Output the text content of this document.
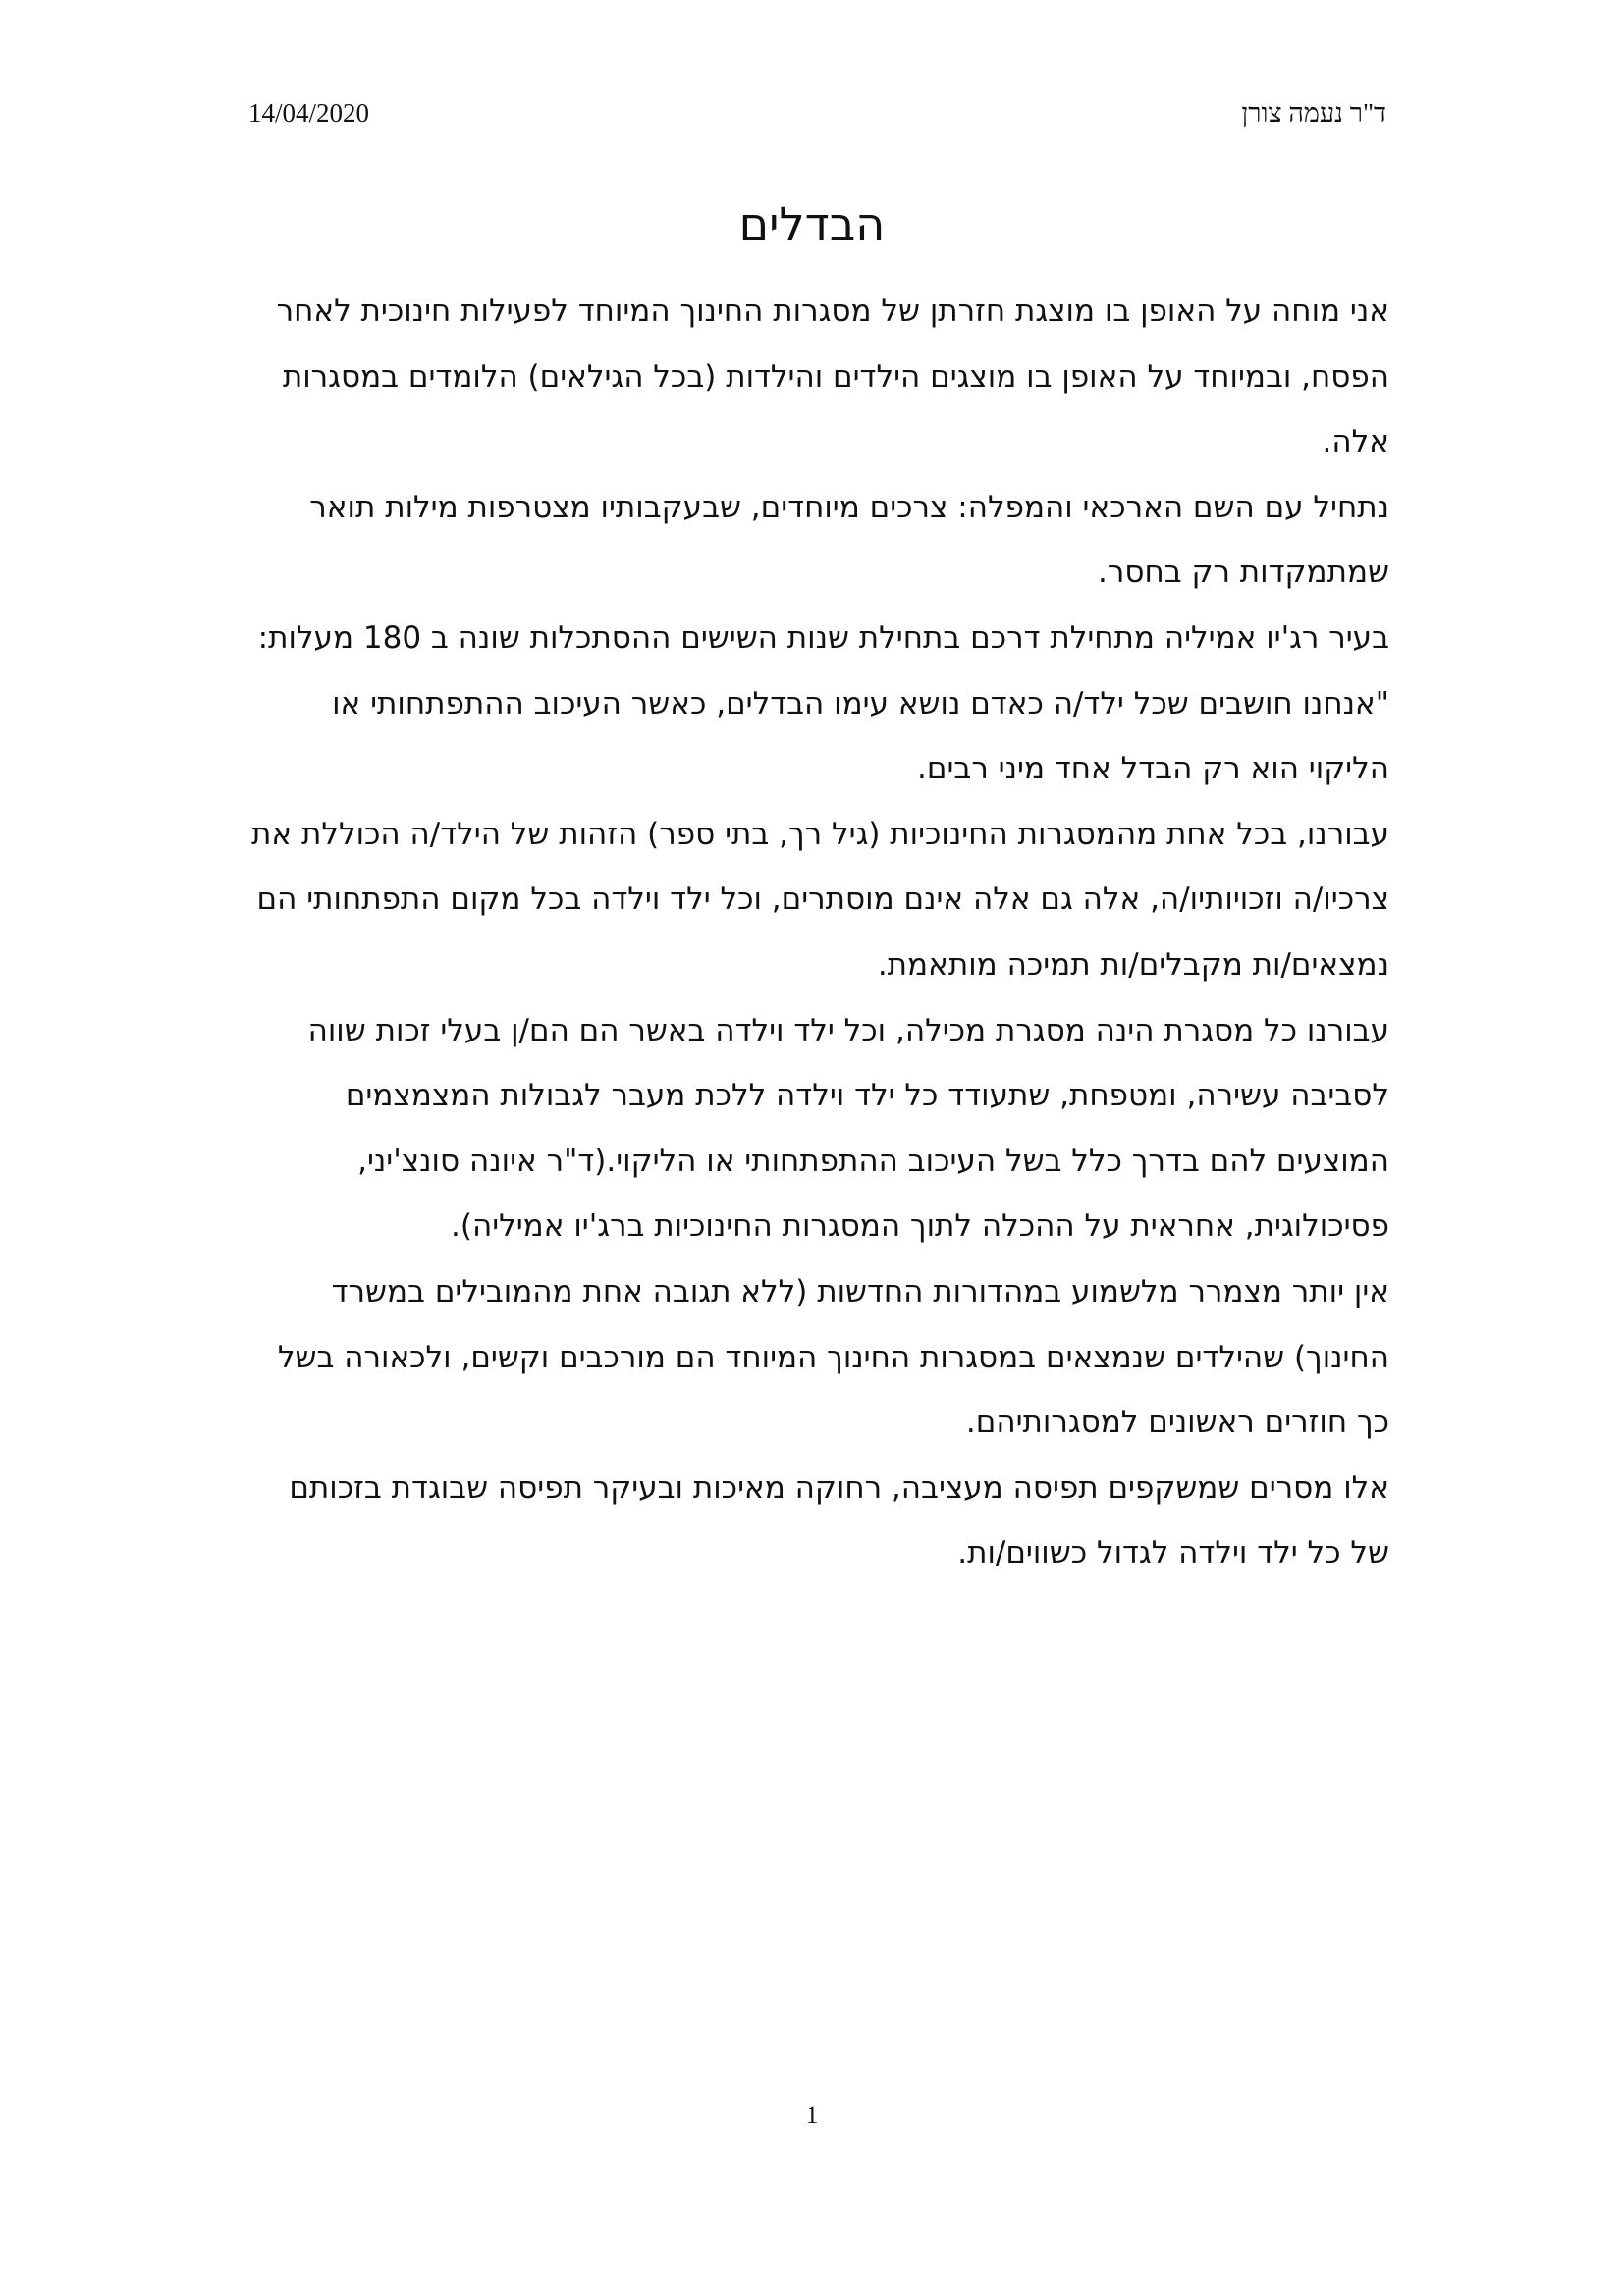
14/04/2020	ד"ר נעמה צורן
הבדלים

אני מוחה על האופן בו מוצגת חזרתן של מסגרות החינוך המיוחד לפעילות חינוכית לאחר הפסח, ובמיוחד על האופן בו מוצגים הילדים והילדות (בכל הגילאים) הלומדים במסגרות אלה.

נתחיל עם השם הארכאי והמפלה: צרכים מיוחדים, שבעקבותיו מצטרפות מילות תואר שמתמקדות רק בחסר.

בעיר רג'יו אמיליה מתחילת דרכם בתחילת שנות השישים ההסתכלות שונה ב 180 מעלות:

"אנחנו חושבים שכל ילד/ה כאדם נושא עימו הבדלים, כאשר העיכוב ההתפתחותי או הליקוי הוא רק הבדל אחד מיני רבים.

עבורנו, בכל אחת מהמסגרות החינוכיות (גיל רך, בתי ספר) הזהות של הילד/ה הכוללת את צרכיו/ה וזכויותיו/ה, אלה גם אלה אינם מוסתרים, וכל ילד וילדה בכל מקום התפתחותי הם נמצאים/ות מקבלים/ות תמיכה מותאמת.

עבורנו כל מסגרת הינה מסגרת מכילה, וכל ילד וילדה באשר הם הם/ן בעלי זכות שווה לסביבה עשירה, ומטפחת, שתעודד כל ילד וילדה ללכת מעבר לגבולות המצמצמים המוצעים להם בדרך כלל בשל העיכוב ההתפתחותי או הליקוי.(ד"ר איונה סונצ'יני, פסיכולוגית, אחראית על ההכלה לתוך המסגרות החינוכיות ברג'יו אמיליה).

אין יותר מצמרר מלשמוע במהדורות החדשות (ללא תגובה אחת מהמובילים במשרד החינוך) שהילדים שנמצאים במסגרות החינוך המיוחד הם מורכבים וקשים, ולכאורה בשל כך חוזרים ראשונים למסגרותיהם.

אלו מסרים שמשקפים תפיסה מעציבה, רחוקה מאיכות ובעיקר תפיסה שבוגדת בזכותם של כל ילד וילדה לגדול כשווים/ות.

1
